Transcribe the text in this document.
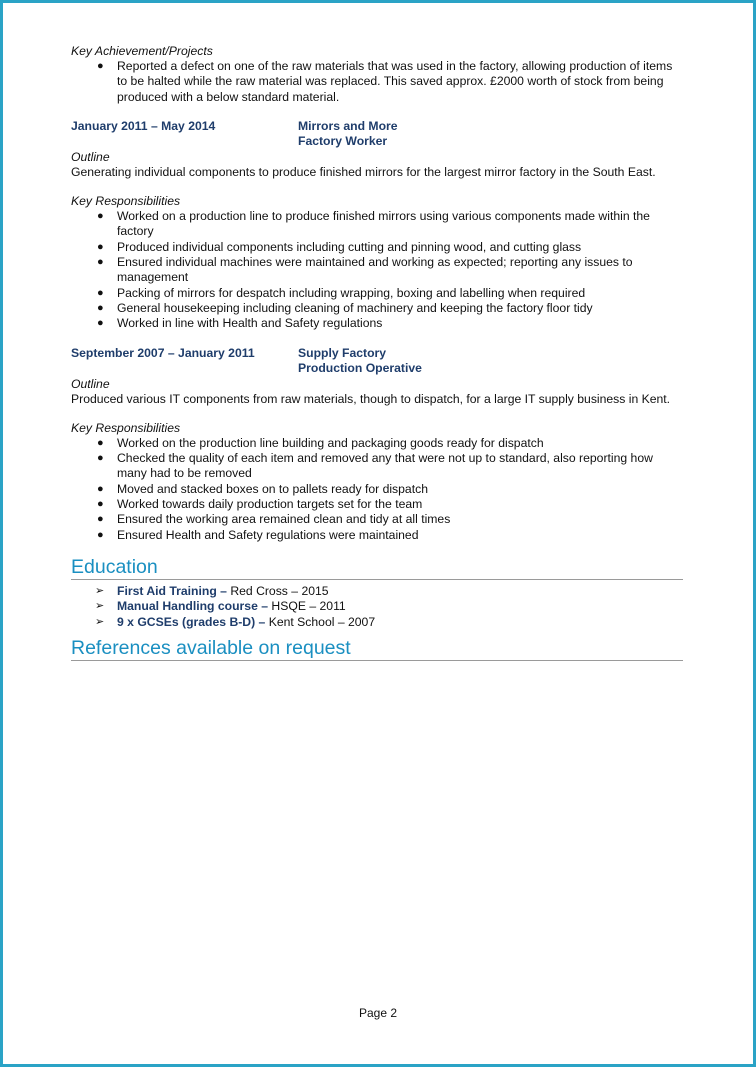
Key Achievement/Projects
● Reported a defect on one of the raw materials that was used in the factory, allowing production of items to be halted while the raw material was replaced. This saved approx. £2000 worth of stock from being produced with a below standard material.
January 2011 – May 2014	Mirrors and More
Factory Worker
Outline
Generating individual components to produce finished mirrors for the largest mirror factory in the South East.
Key Responsibilities
● Worked on a production line to produce finished mirrors using various components made within the factory
● Produced individual components including cutting and pinning wood, and cutting glass
● Ensured individual machines were maintained and working as expected; reporting any issues to management
● Packing of mirrors for despatch including wrapping, boxing and labelling when required
● General housekeeping including cleaning of machinery and keeping the factory floor tidy
● Worked in line with Health and Safety regulations
September 2007 – January 2011	Supply Factory
Production Operative
Outline
Produced various IT components from raw materials, though to dispatch, for a large IT supply business in Kent.
Key Responsibilities
● Worked on the production line building and packaging goods ready for dispatch
● Checked the quality of each item and removed any that were not up to standard, also reporting how many had to be removed
● Moved and stacked boxes on to pallets ready for dispatch
● Worked towards daily production targets set for the team
● Ensured the working area remained clean and tidy at all times
● Ensured Health and Safety regulations were maintained
Education
➢ First Aid Training – Red Cross – 2015
➢ Manual Handling course – HSQE – 2011
➢ 9 x GCSEs (grades B-D) – Kent School – 2007
References available on request
Page 2
